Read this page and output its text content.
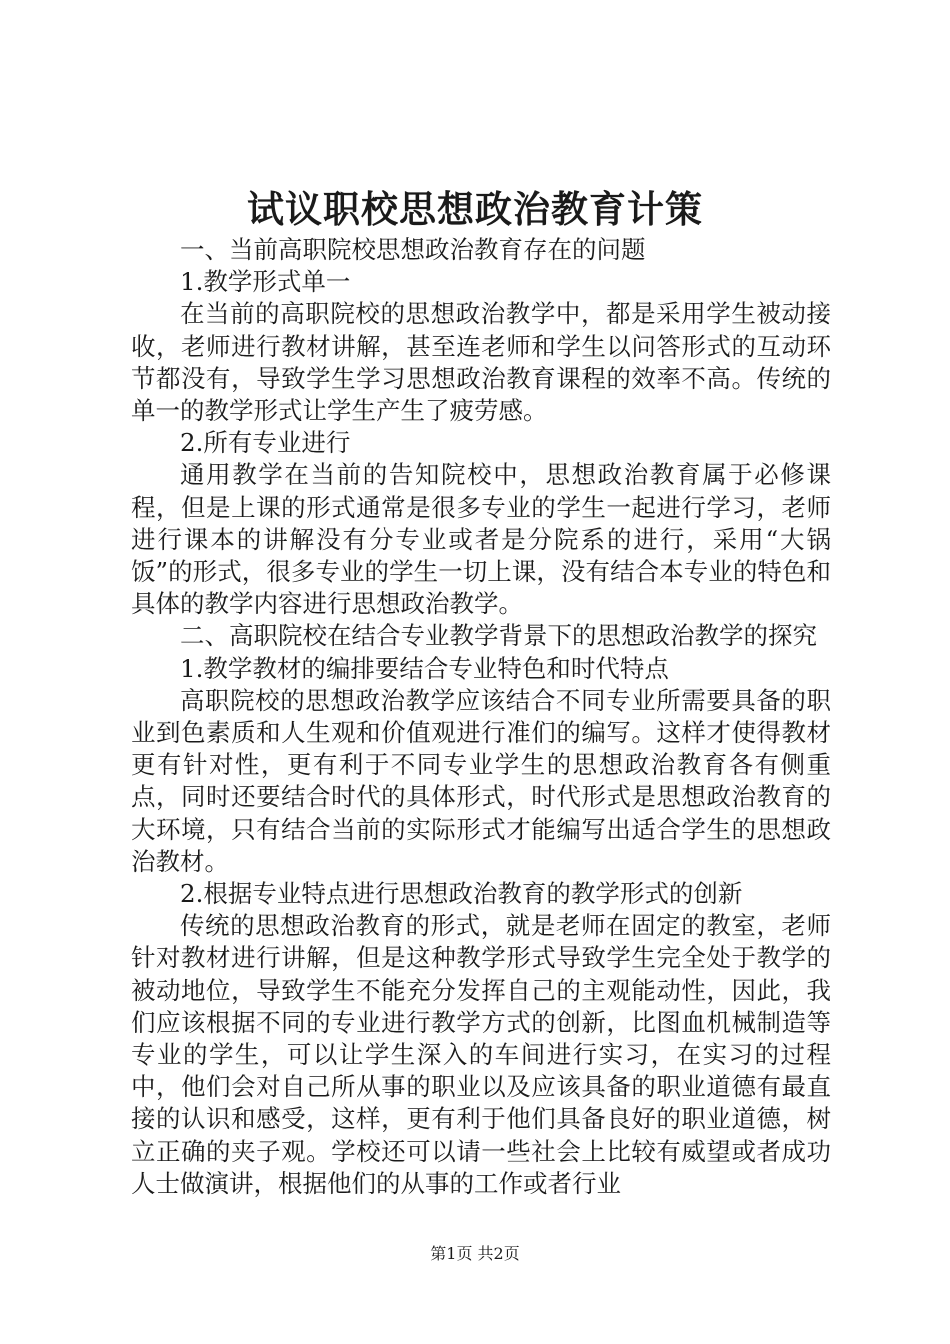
试议职校思想政治教育计策

一、当前高职院校思想政治教育存在的问题

1.教学形式单一

在当前的高职院校的思想政治教学中，都是采用学生被动接收，老师进行教材讲解，甚至连老师和学生以问答形式的互动环节都没有，导致学生学习思想政治教育课程的效率不高。传统的单一的教学形式让学生产生了疲劳感。

2.所有专业进行

通用教学在当前的告知院校中，思想政治教育属于必修课程，但是上课的形式通常是很多专业的学生一起进行学习，老师进行课本的讲解没有分专业或者是分院系的进行，采用“大锅饭”的形式，很多专业的学生一切上课，没有结合本专业的特色和具体的教学内容进行思想政治教学。

二、高职院校在结合专业教学背景下的思想政治教学的探究

1.教学教材的编排要结合专业特色和时代特点

高职院校的思想政治教学应该结合不同专业所需要具备的职业到色素质和人生观和价值观进行准们的编写。这样才使得教材更有针对性，更有利于不同专业学生的思想政治教育各有侧重点，同时还要结合时代的具体形式，时代形式是思想政治教育的大环境，只有结合当前的实际形式才能编写出适合学生的思想政治教材。

2.根据专业特点进行思想政治教育的教学形式的创新

传统的思想政治教育的形式，就是老师在固定的教室，老师针对教材进行讲解，但是这种教学形式导致学生完全处于教学的被动地位，导致学生不能充分发挥自己的主观能动性，因此，我们应该根据不同的专业进行教学方式的创新，比图血机械制造等专业的学生，可以让学生深入的车间进行实习，在实习的过程中，他们会对自己所从事的职业以及应该具备的职业道德有最直接的认识和感受，这样，更有利于他们具备良好的职业道德，树立正确的夹子观。学校还可以请一些社会上比较有威望或者成功人士做演讲，根据他们的从事的工作或者行业

第1页 共2页
